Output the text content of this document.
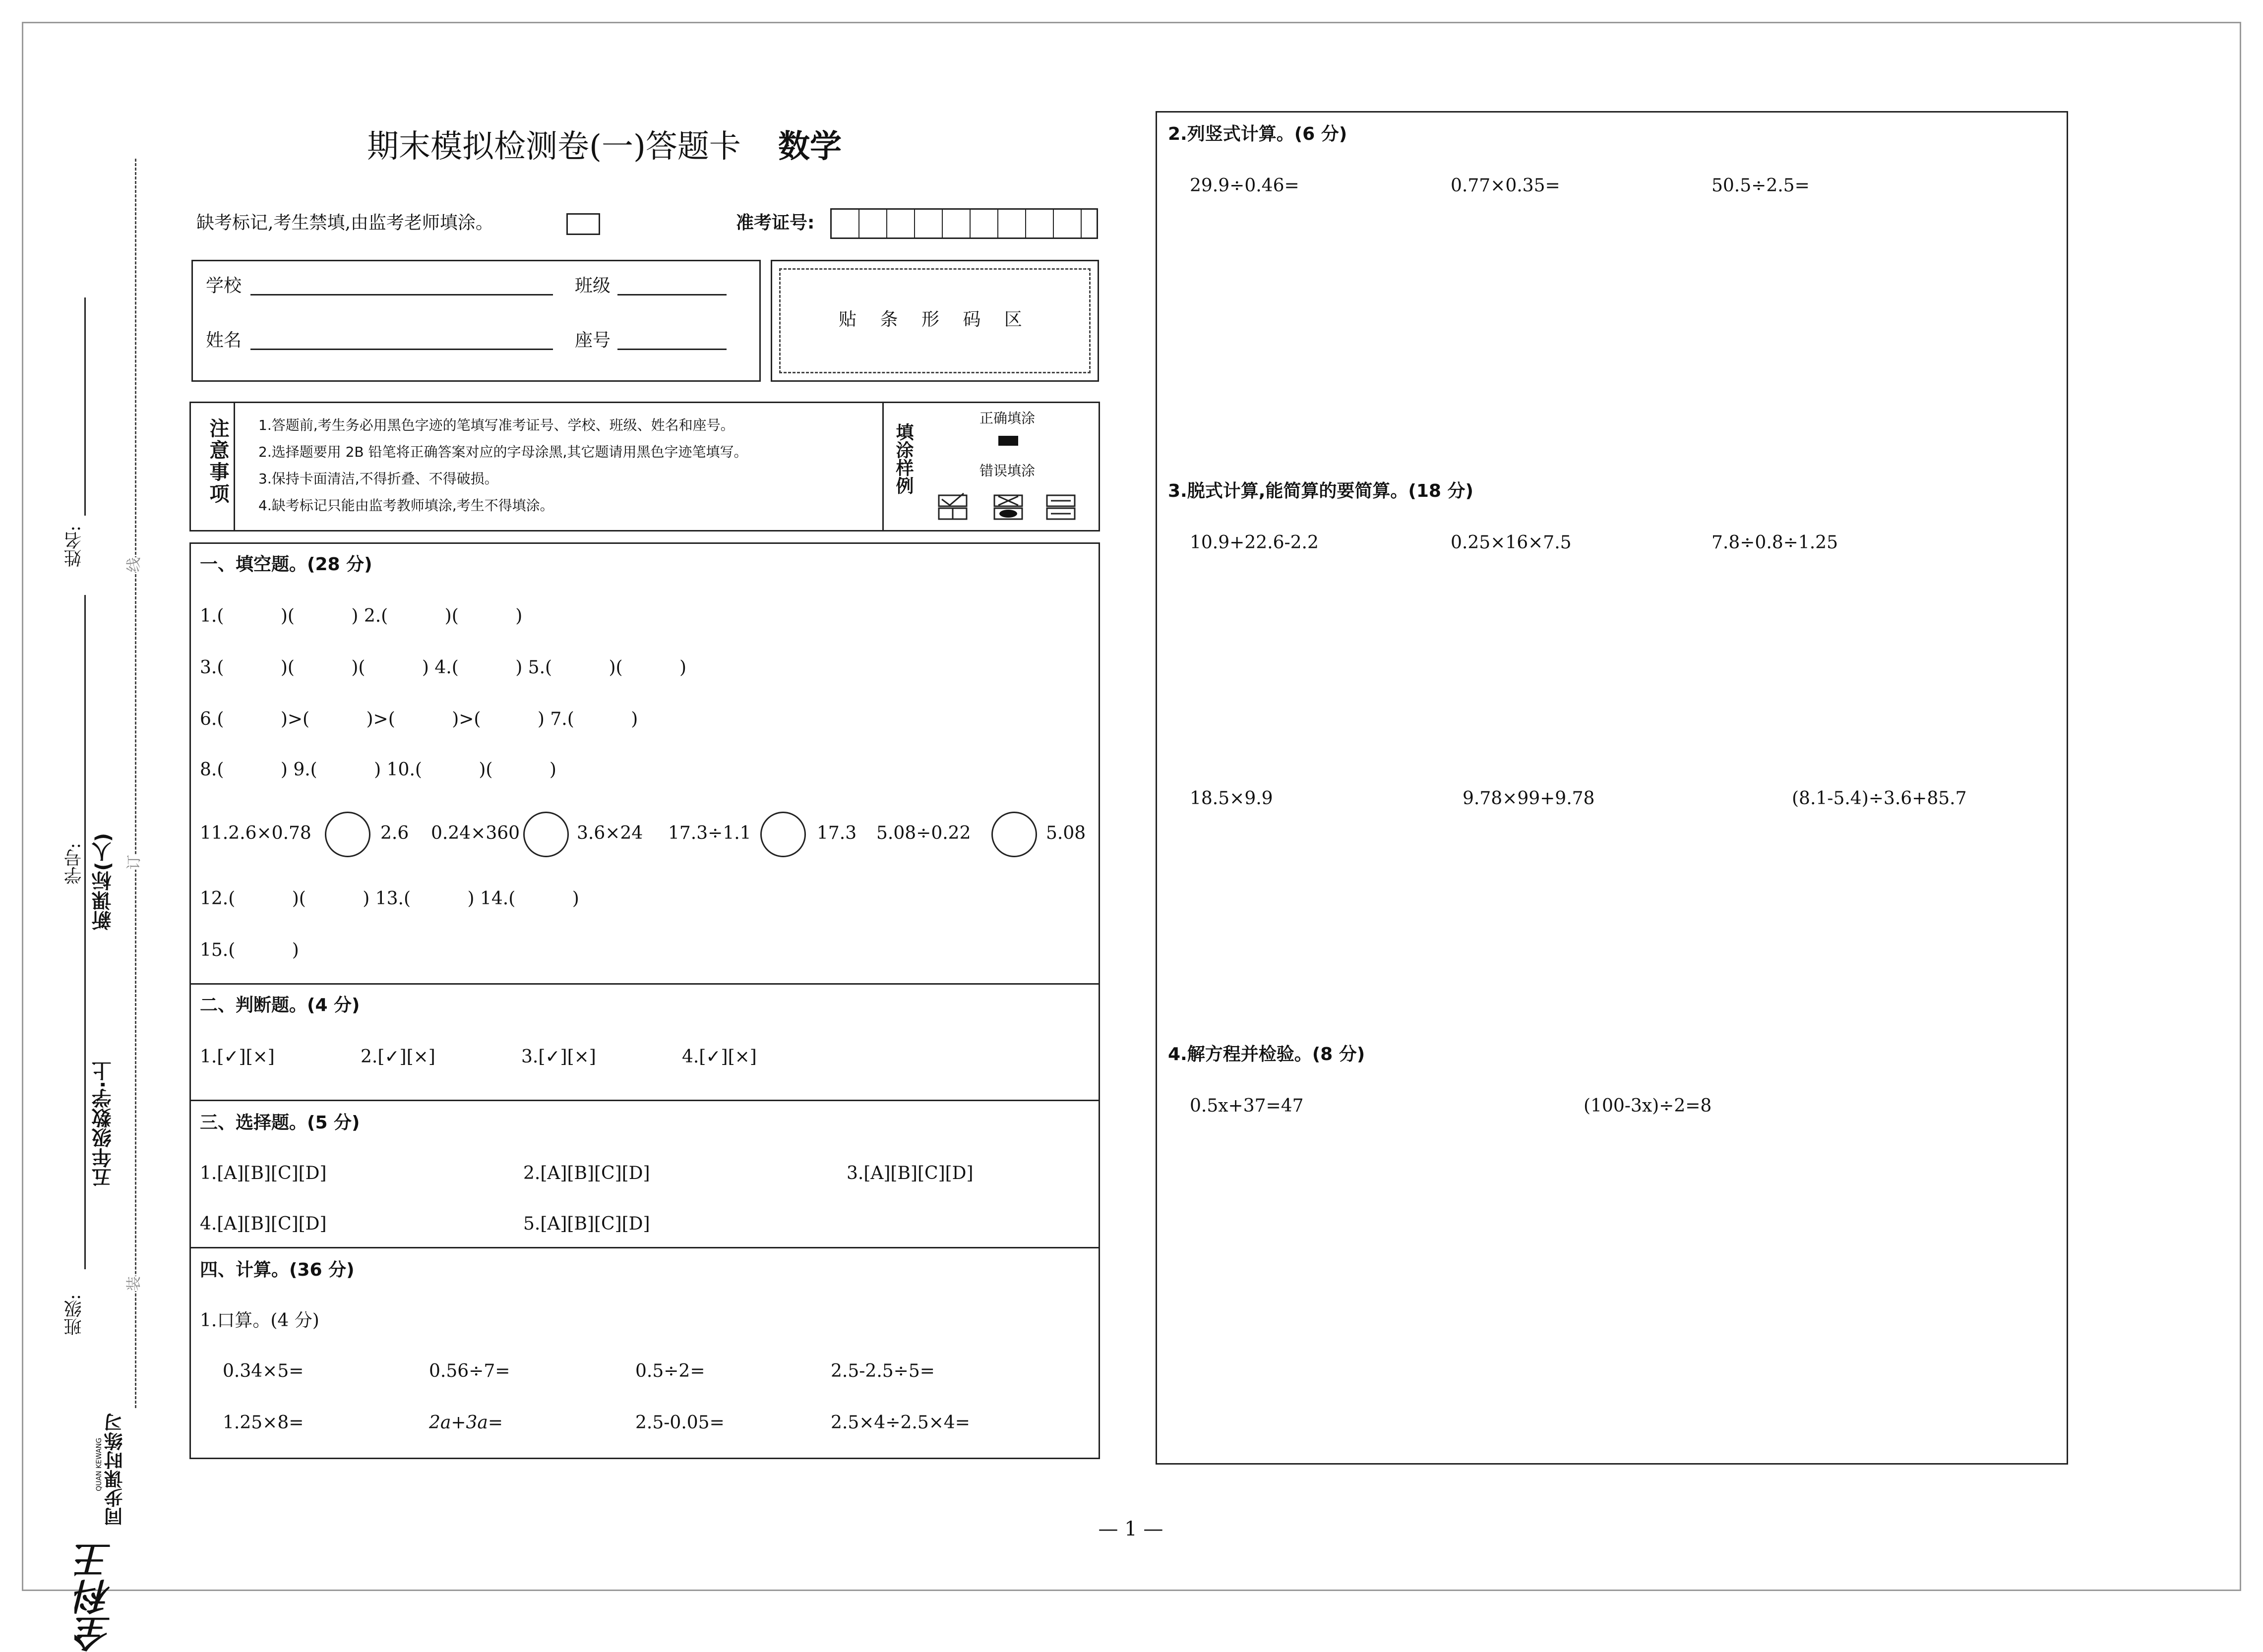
班级:
学号:
姓名:
五年级数学·上
新课标(人)
装
订
线
全科王
同步课时练习
QUAN KEWANG
期末模拟检测卷(一)答题卡 数学
缺考标记,考生禁填,由监考老师填涂。	准考证号:
学校	班级
姓名	座号
贴 条 形 码 区
注意事项 1.答题前,考生务必用黑色字迹的笔填写准考证号、学校、班级、姓名和座号。
2.选择题要用 2B 铅笔将正确答案对应的字母涂黑,其它题请用黑色字迹笔填写。
3.保持卡面清洁,不得折叠、不得破损。
4.缺考标记只能由监考教师填涂,考生不得填涂。
填涂样例
正确填涂
错误填涂
一、填空题。(28 分)
1.(          )(          ) 2.(          )(          )
3.(          )(          )(          ) 4.(          ) 5.(          )(          )
6.(          )>(          )>(          )>(          ) 7.(          )
8.(          ) 9.(          ) 10.(          )(          )
11.2.6×0.78	2.6 0.24×360	3.6×24 17.3÷1.1	17.3 5.08÷0.22	5.08
12.(          )(          ) 13.(          ) 14.(          )
15.(          )
二、判断题。(4 分)
1.[✓][×]	2.[✓][×]	3.[✓][×]	4.[✓][×]
三、选择题。(5 分)
1.[A][B][C][D]	2.[A][B][C][D]	3.[A][B][C][D]
4.[A][B][C][D]	5.[A][B][C][D]
四、计算。(36 分)
1.口算。(4 分)
0.34×5=	0.56÷7=	0.5÷2=	2.5-2.5÷5=
1.25×8=	2a+3a=	2.5-0.05=	2.5×4÷2.5×4=
2.列竖式计算。(6 分)
29.9÷0.46=	0.77×0.35=	50.5÷2.5=
3.脱式计算,能简算的要简算。(18 分)
10.9+22.6-2.2	0.25×16×7.5	7.8÷0.8÷1.25
18.5×9.9	9.78×99+9.78	(8.1-5.4)÷3.6+85.7
4.解方程并检验。(8 分)
0.5x+37=47	(100-3x)÷2=8
— 1 —
